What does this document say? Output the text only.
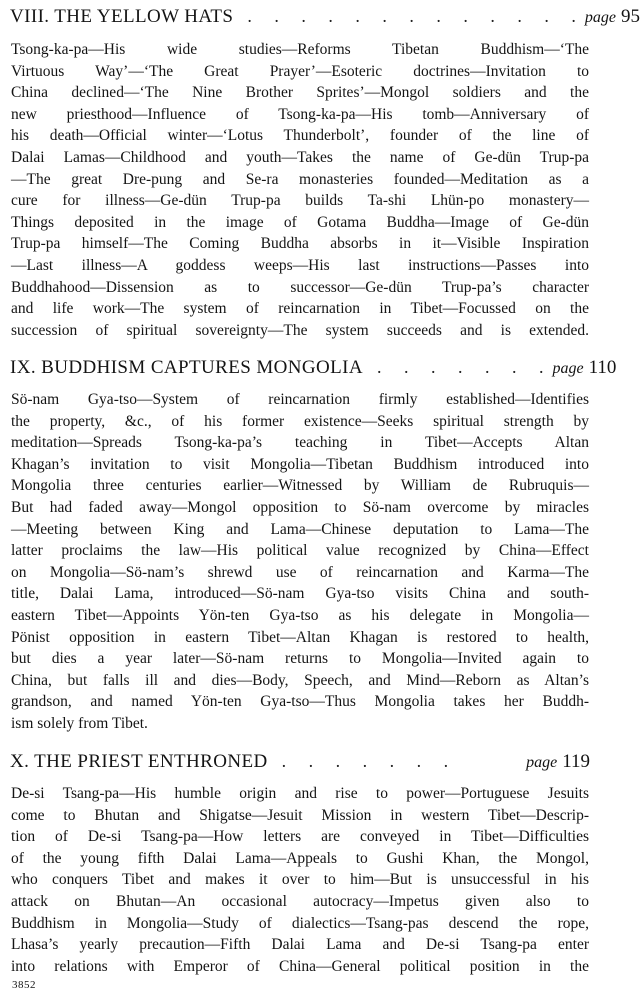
VIII. THE YELLOW HATS . . . . . . . . . . . . . page 95
Tsong-ka-pa—His wide studies—Reforms Tibetan Buddhism—‘The
Virtuous Way’—‘The Great Prayer’—Esoteric doctrines—Invitation to
China declined—‘The Nine Brother Sprites’—Mongol soldiers and the
new priesthood—Influence of Tsong-ka-pa—His tomb—Anniversary of
his death—Official winter—‘Lotus Thunderbolt’, founder of the line of
Dalai Lamas—Childhood and youth—Takes the name of Ge-dün Trup-pa
—The great Dre-pung and Se-ra monasteries founded—Meditation as a
cure for illness—Ge-dün Trup-pa builds Ta-shi Lhün-po monastery—
Things deposited in the image of Gotama Buddha—Image of Ge-dün
Trup-pa himself—The Coming Buddha absorbs in it—Visible Inspiration
—Last illness—A goddess weeps—His last instructions—Passes into
Buddhahood—Dissension as to successor—Ge-dün Trup-pa’s character
and life work—The system of reincarnation in Tibet—Focussed on the
succession of spiritual sovereignty—The system succeeds and is extended.
IX. BUDDHISM CAPTURES MONGOLIA . . . . . . . page 110
Sö-nam Gya-tso—System of reincarnation firmly established—Identifies
the property, &c., of his former existence—Seeks spiritual strength by
meditation—Spreads Tsong-ka-pa’s teaching in Tibet—Accepts Altan
Khagan’s invitation to visit Mongolia—Tibetan Buddhism introduced into
Mongolia three centuries earlier—Witnessed by William de Rubruquis—
But had faded away—Mongol opposition to Sö-nam overcome by miracles
—Meeting between King and Lama—Chinese deputation to Lama—The
latter proclaims the law—His political value recognized by China—Effect
on Mongolia—Sö-nam’s shrewd use of reincarnation and Karma—The
title, Dalai Lama, introduced—Sö-nam Gya-tso visits China and south-
eastern Tibet—Appoints Yön-ten Gya-tso as his delegate in Mongolia—
Pönist opposition in eastern Tibet—Altan Khagan is restored to health,
but dies a year later—Sö-nam returns to Mongolia—Invited again to
China, but falls ill and dies—Body, Speech, and Mind—Reborn as Altan’s
grandson, and named Yön-ten Gya-tso—Thus Mongolia takes her Buddh-
ism solely from Tibet.
X. THE PRIEST ENTHRONED . . . . . . .	page 119
De-si Tsang-pa—His humble origin and rise to power—Portuguese Jesuits
come to Bhutan and Shigatse—Jesuit Mission in western Tibet—Descrip-
tion of De-si Tsang-pa—How letters are conveyed in Tibet—Difficulties
of the young fifth Dalai Lama—Appeals to Gushi Khan, the Mongol,
who conquers Tibet and makes it over to him—But is unsuccessful in his
attack on Bhutan—An occasional autocracy—Impetus given also to
Buddhism in Mongolia—Study of dialectics—Tsang-pas descend the rope,
Lhasa’s yearly precaution—Fifth Dalai Lama and De-si Tsang-pa enter
into relations with Emperor of China—General political position in the
3852
